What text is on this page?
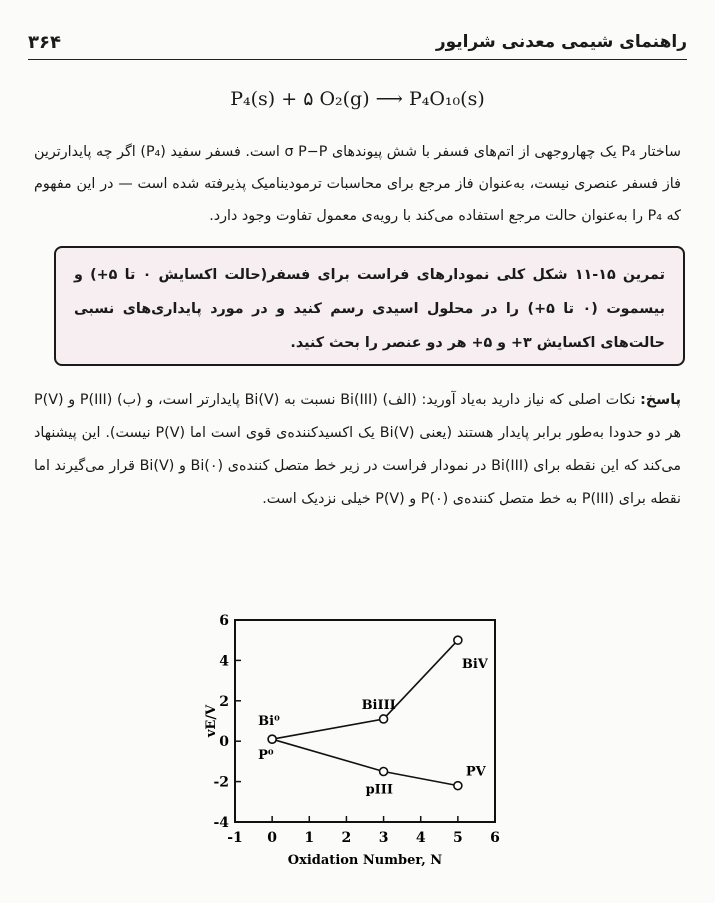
راهنمای شیمی معدنی شرایور
۳۶۴
P₄(s) + ۵ O₂(g) ⟶ P₄O₁₀(s)
ساختار P₄ یک چهاروجهی از اتم‌های فسفر با شش پیوندهای σ P−P است. فسفر سفید (P₄) اگر چه پایدارترین فاز فسفر عنصری نیست، به‌عنوان فاز مرجع برای محاسبات ترمودینامیک پذیرفته شده است — در این مفهوم که P₄ را به‌عنوان حالت مرجع استفاده می‌کند با رویه‌ی معمول تفاوت وجود دارد.
تمرین ۱۵-۱۱ شکل کلی نمودارهای فراست برای فسفر(حالت اکسایش ۰ تا ۵+) و بیسموت (۰ تا ۵+) را در محلول اسیدی رسم کنید و در مورد پایداری‌های نسبی حالت‌های اکسایش ۳+ و ۵+ هر دو عنصر را بحث کنید.
پاسخ: نکات اصلی که نیاز دارید به‌یاد آورید: (الف) Bi(III) نسبت به Bi(V) پایدارتر است، و (ب) P(III) و P(V) هر دو حدودا به‌طور برابر پایدار هستند (یعنی Bi(V) یک اکسیدکننده‌ی قوی است اما P(V) نیست). این پیشنهاد می‌کند که این نقطه برای Bi(III) در نمودار فراست در زیر خط متصل کننده‌ی Bi(۰) و Bi(V) قرار می‌گیرند اما نقطه برای P(III) به خط متصل کننده‌ی P(۰) و P(V) خیلی نزدیک است.
-1 0 1 2 3 4 5 6
6
4
2
0
-2
-4
Oxidation Number, N
vE/V	Bi⁰
BiIII
BiV
P⁰
pIII
PV
